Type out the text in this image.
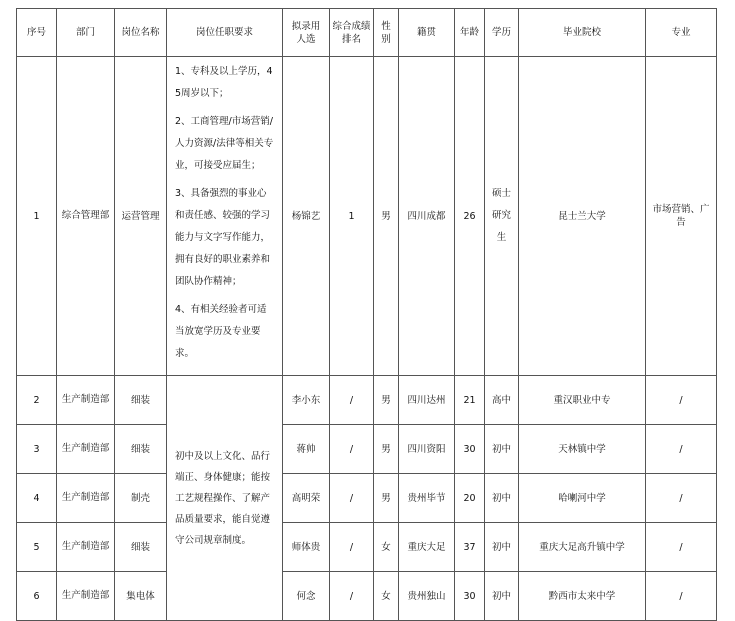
序号	部门	岗位名称	岗位任职要求	拟录用人选	综合成绩排名	性别	籍贯	年龄	学历	毕业院校	专业
1	综合管理部	运营管理	1、专科及以上学历，45周岁以下；

2、工商管理/市场营销/人力资源/法律等相关专业，可接受应届生；

3、具备强烈的事业心和责任感、较强的学习能力与文字写作能力，拥有良好的职业素养和团队协作精神；

4、有相关经验者可适当放宽学历及专业要求。	杨锦艺	1	男	四川成都	26	硕士研究生	昆士兰大学	市场营销、广告
2	生产制造部	细装	初中及以上文化、品行端正、身体健康；能按工艺规程操作、了解产品质量要求，能自觉遵守公司规章制度。	李小东	/	男	四川达州	21	高中	重汉职业中专	/
3	生产制造部	细装		蒋帅	/	男	四川资阳	30	初中	天林镇中学	/
4	生产制造部	制壳		高明荣	/	男	贵州毕节	20	初中	哈喇河中学	/
5	生产制造部	细装		师体贵	/	女	重庆大足	37	初中	重庆大足高升镇中学	/
6	生产制造部	集电体		何念	/	女	贵州独山	30	初中	黔西市太来中学	/
